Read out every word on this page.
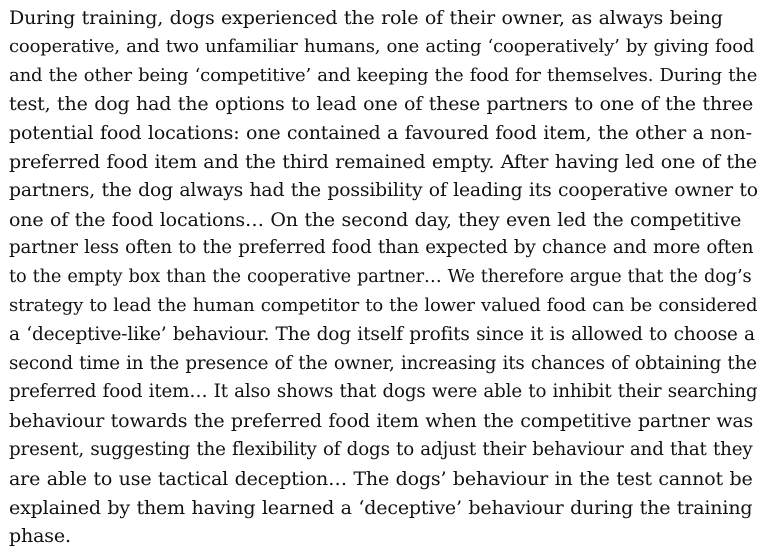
During training, dogs experienced the role of their owner, as always being
cooperative, and two unfamiliar humans, one acting ‘cooperatively’ by giving food
and the other being ‘competitive’ and keeping the food for themselves. During the
test, the dog had the options to lead one of these partners to one of the three
potential food locations: one contained a favoured food item, the other a non-
preferred food item and the third remained empty. After having led one of the
partners, the dog always had the possibility of leading its cooperative owner to
one of the food locations… On the second day, they even led the competitive
partner less often to the preferred food than expected by chance and more often
to the empty box than the cooperative partner… We therefore argue that the dog’s
strategy to lead the human competitor to the lower valued food can be considered
a ‘deceptive-like’ behaviour. The dog itself profits since it is allowed to choose a
second time in the presence of the owner, increasing its chances of obtaining the
preferred food item… It also shows that dogs were able to inhibit their searching
behaviour towards the preferred food item when the competitive partner was
present, suggesting the flexibility of dogs to adjust their behaviour and that they
are able to use tactical deception… The dogs’ behaviour in the test cannot be
explained by them having learned a ‘deceptive’ behaviour during the training
phase.
